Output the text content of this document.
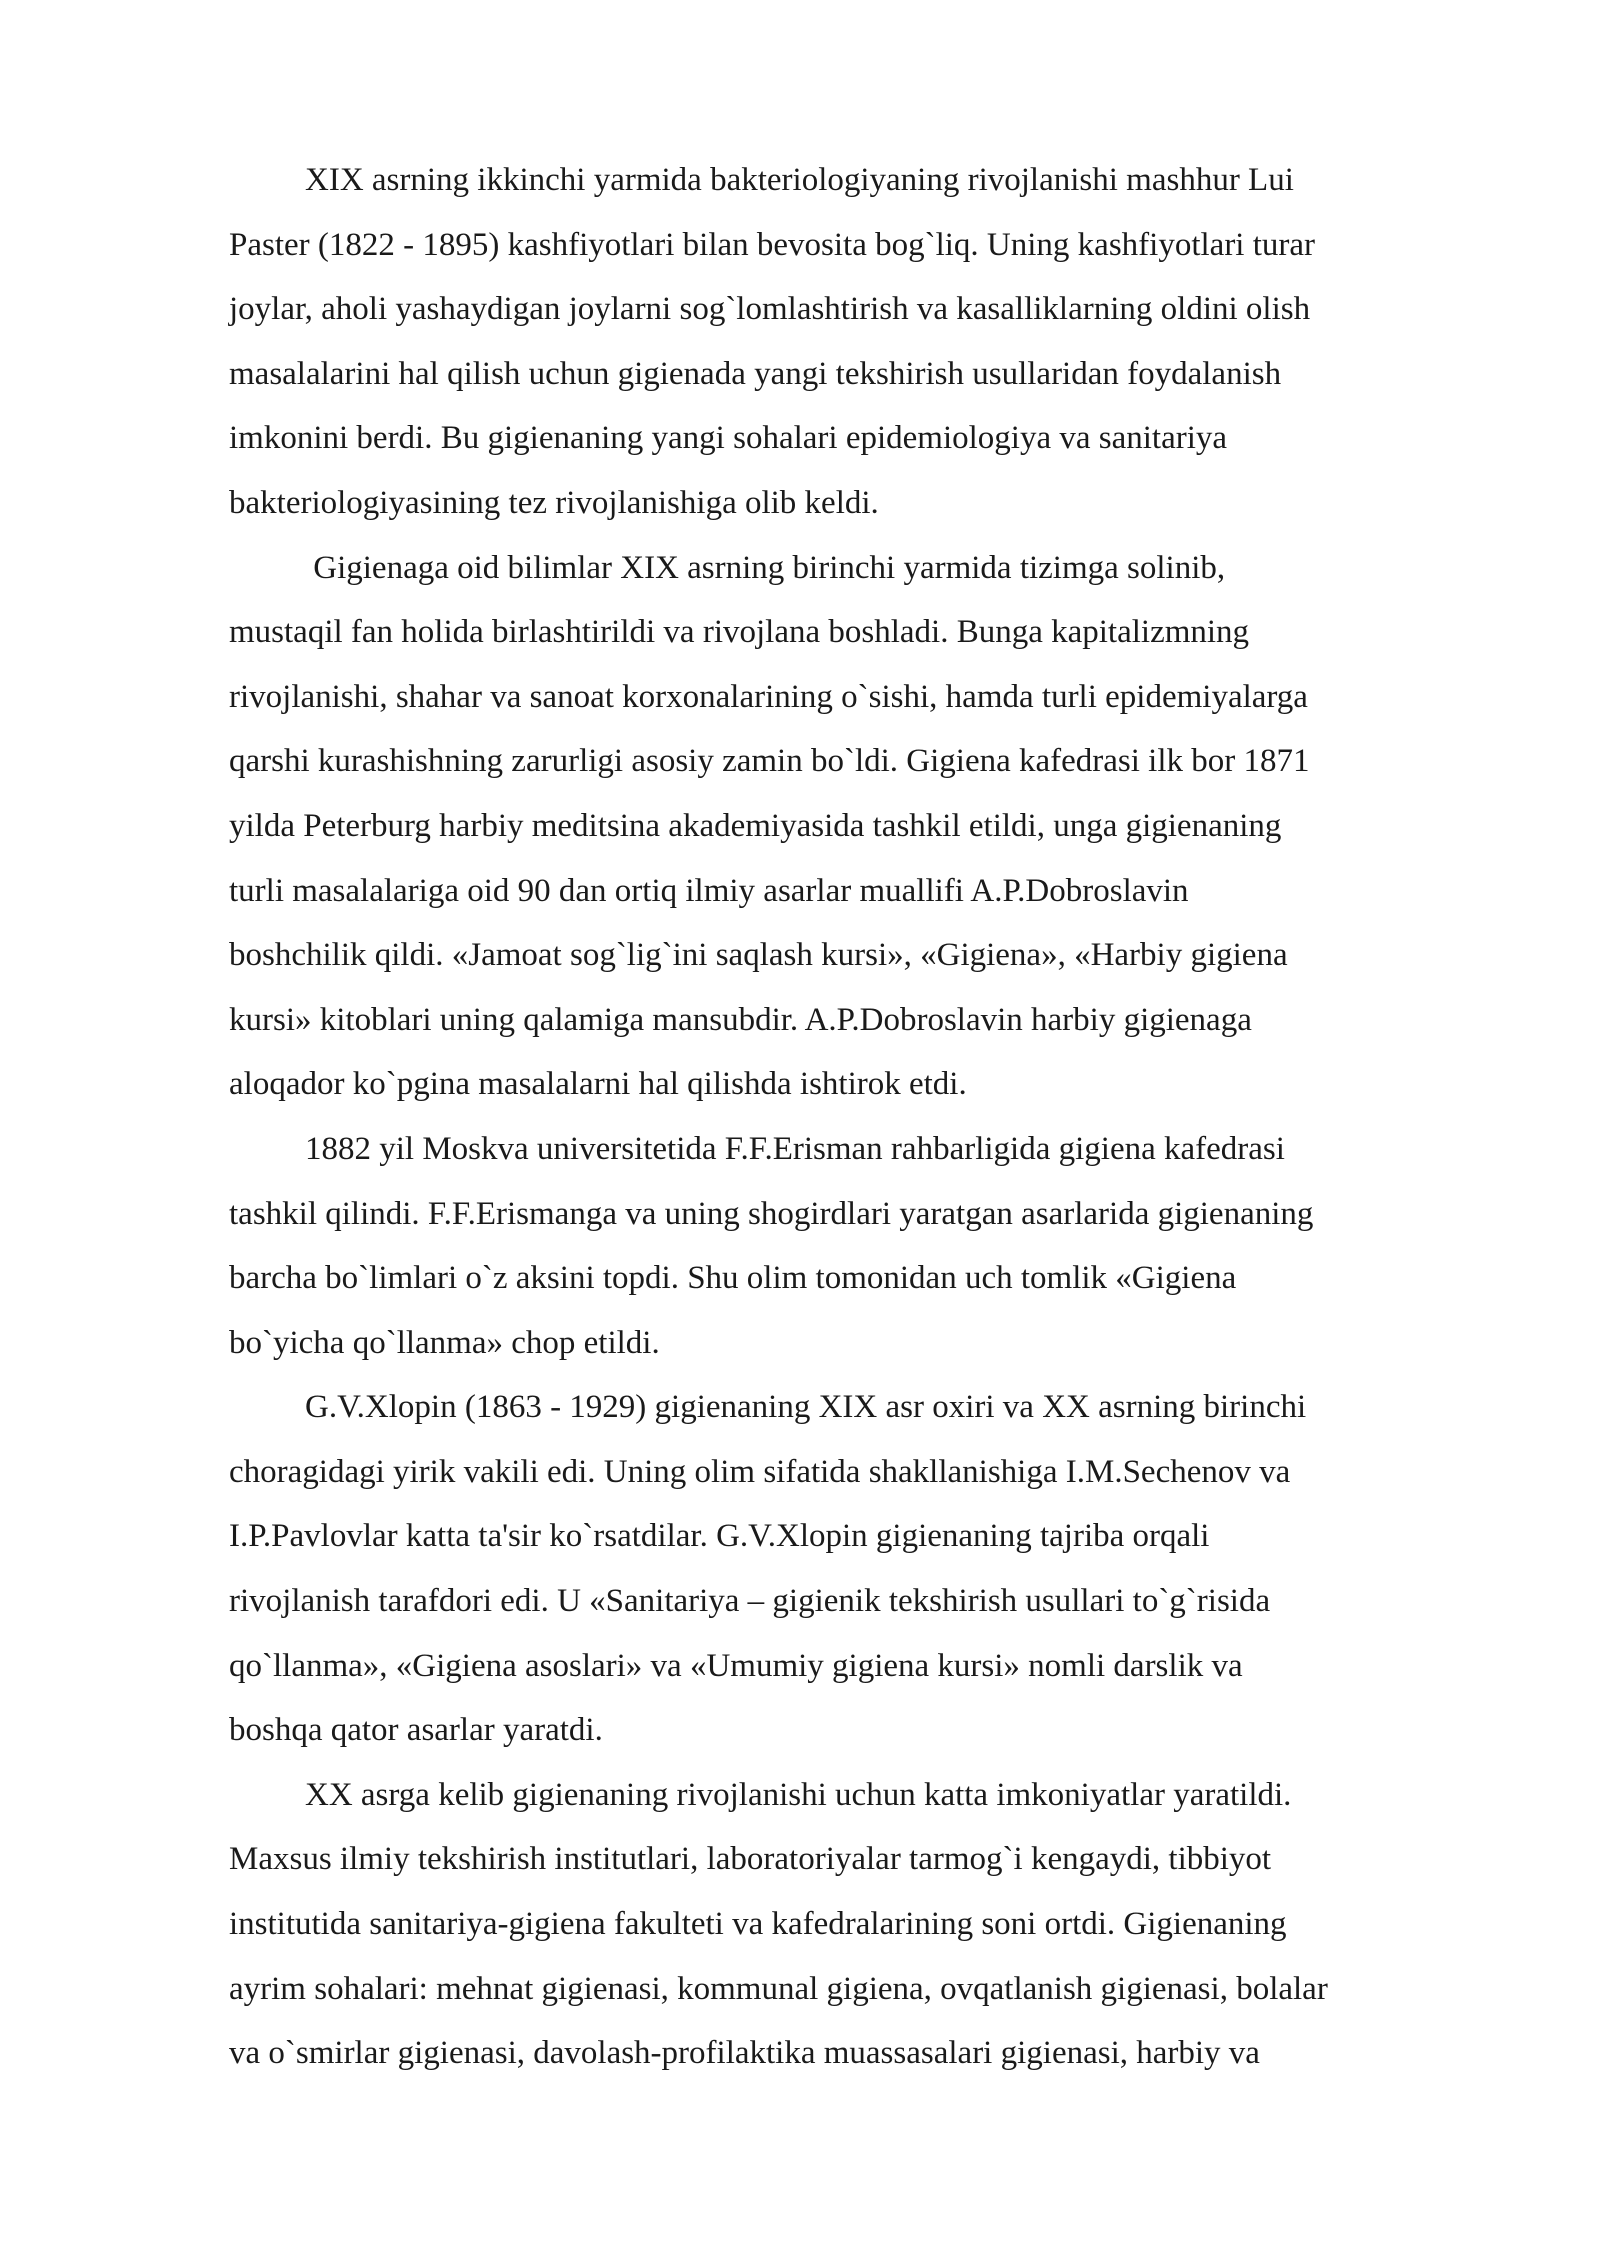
XIX asrning ikkinchi yarmida bakteriologiyaning rivojlanishi mashhur Lui
Paster (1822 - 1895) kashfiyotlari bilan bevosita bog`liq. Uning kashfiyotlari turar
joylar, aholi yashaydigan joylarni sog`lomlashtirish va kasalliklarning oldini olish
masalalarini hal qilish uchun gigienada yangi tekshirish usullaridan foydalanish
imkonini berdi. Bu gigienaning yangi sohalari epidemiologiya va sanitariya
bakteriologiyasining tez rivojlanishiga olib keldi.
Gigienaga oid bilimlar XIX asrning birinchi yarmida tizimga solinib,
mustaqil fan holida birlashtirildi va rivojlana boshladi. Bunga kapitalizmning
rivojlanishi, shahar va sanoat korxonalarining o`sishi, hamda turli epidemiyalarga
qarshi kurashishning zarurligi asosiy zamin bo`ldi. Gigiena kafedrasi ilk bor 1871
yilda Peterburg harbiy meditsina akademiyasida tashkil etildi, unga gigienaning
turli masalalariga oid 90 dan ortiq ilmiy asarlar muallifi A.P.Dobroslavin
boshchilik qildi. «Jamoat sog`lig`ini saqlash kursi», «Gigiena», «Harbiy gigiena
kursi» kitoblari uning qalamiga mansubdir. A.P.Dobroslavin harbiy gigienaga
aloqador ko`pgina masalalarni hal qilishda ishtirok etdi.
1882 yil Moskva universitetida F.F.Erisman rahbarligida gigiena kafedrasi
tashkil qilindi. F.F.Erismanga va uning shogirdlari yaratgan asarlarida gigienaning
barcha bo`limlari o`z aksini topdi. Shu olim tomonidan uch tomlik «Gigiena
bo`yicha qo`llanma» chop etildi.
G.V.Xlopin (1863 - 1929) gigienaning XIX asr oxiri va XX asrning birinchi
choragidagi yirik vakili edi. Uning olim sifatida shakllanishiga I.M.Sechenov va
I.P.Pavlovlar katta ta'sir ko`rsatdilar. G.V.Xlopin gigienaning tajriba orqali
rivojlanish tarafdori edi. U «Sanitariya – gigienik tekshirish usullari to`g`risida
qo`llanma», «Gigiena asoslari» va «Umumiy gigiena kursi» nomli darslik va
boshqa qator asarlar yaratdi.
XX asrga kelib gigienaning rivojlanishi uchun katta imkoniyatlar yaratildi.
Maxsus ilmiy tekshirish institutlari, laboratoriyalar tarmog`i kengaydi, tibbiyot
institutida sanitariya-gigiena fakulteti va kafedralarining soni ortdi. Gigienaning
ayrim sohalari: mehnat gigienasi, kommunal gigiena, ovqatlanish gigienasi, bolalar
va o`smirlar gigienasi, davolash-profilaktika muassasalari gigienasi, harbiy va
